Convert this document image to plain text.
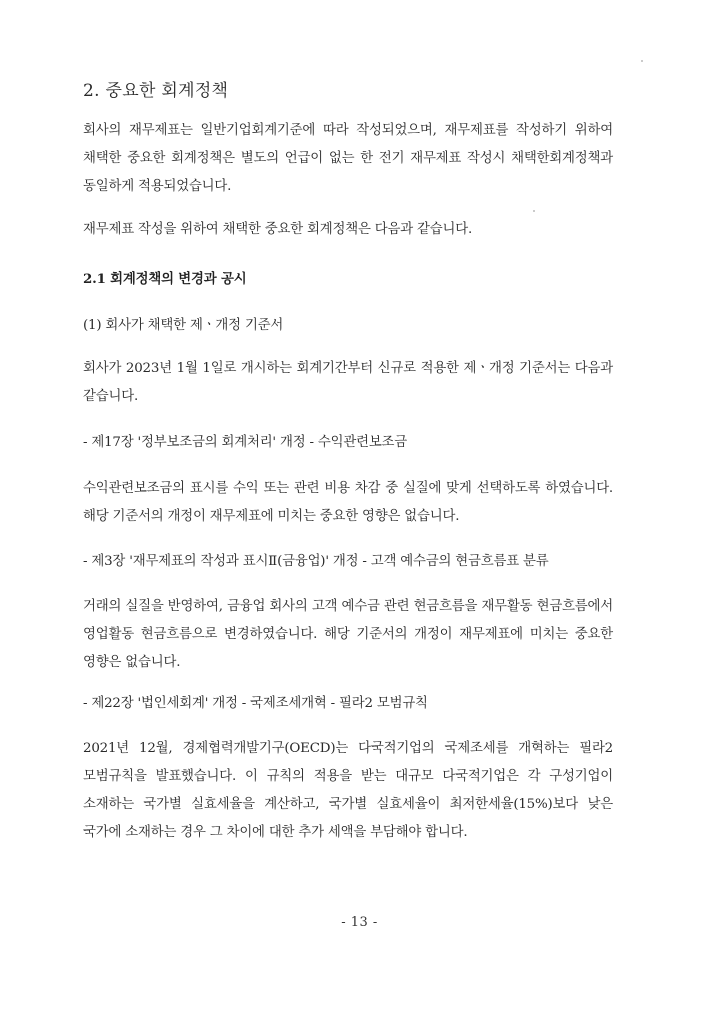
2. 중요한 회계정책

회사의 재무제표는 일반기업회계기준에 따라 작성되었으며, 재무제표를 작성하기 위하여 채택한 중요한 회계정책은 별도의 언급이 없는 한 전기 재무제표 작성시 채택한회계정책과 동일하게 적용되었습니다.

재무제표 작성을 위하여 채택한 중요한 회계정책은 다음과 같습니다.

2.1 회계정책의 변경과 공시

(1) 회사가 채택한 제ㆍ개정 기준서

회사가 2023년 1월 1일로 개시하는 회계기간부터 신규로 적용한 제ㆍ개정 기준서는 다음과 같습니다.

- 제17장 '정부보조금의 회계처리' 개정 - 수익관련보조금

수익관련보조금의 표시를 수익 또는 관련 비용 차감 중 실질에 맞게 선택하도록 하였습니다. 해당 기준서의 개정이 재무제표에 미치는 중요한 영향은 없습니다.

- 제3장 '재무제표의 작성과 표시Ⅱ(금융업)' 개정 - 고객 예수금의 현금흐름표 분류

거래의 실질을 반영하여, 금융업 회사의 고객 예수금 관련 현금흐름을 재무활동 현금흐름에서 영업활동 현금흐름으로 변경하였습니다. 해당 기준서의 개정이 재무제표에 미치는 중요한 영향은 없습니다.

- 제22장 '법인세회계' 개정 - 국제조세개혁 - 필라2 모범규칙

2021년 12월, 경제협력개발기구(OECD)는 다국적기업의 국제조세를 개혁하는 필라2 모범규칙을 발표했습니다. 이 규칙의 적용을 받는 대규모 다국적기업은 각 구성기업이 소재하는 국가별 실효세율을 계산하고, 국가별 실효세율이 최저한세율(15%)보다 낮은 국가에 소재하는 경우 그 차이에 대한 추가 세액을 부담해야 합니다.

- 13 -
